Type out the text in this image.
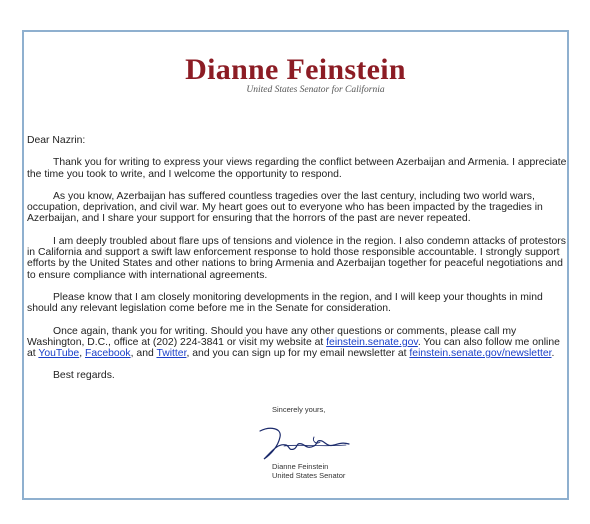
Dianne Feinstein
United States Senator for California

Dear Nazrin:

Thank you for writing to express your views regarding the conflict between Azerbaijan and Armenia. I appreciate the time you took to write, and I welcome the opportunity to respond.

As you know, Azerbaijan has suffered countless tragedies over the last century, including two world wars, occupation, deprivation, and civil war. My heart goes out to everyone who has been impacted by the tragedies in Azerbaijan, and I share your support for ensuring that the horrors of the past are never repeated.

I am deeply troubled about flare ups of tensions and violence in the region. I also condemn attacks of protestors in California and support a swift law enforcement response to hold those responsible accountable. I strongly support efforts by the United States and other nations to bring Armenia and Azerbaijan together for peaceful negotiations and to ensure compliance with international agreements.

Please know that I am closely monitoring developments in the region, and I will keep your thoughts in mind should any relevant legislation come before me in the Senate for consideration.

Once again, thank you for writing. Should you have any other questions or comments, please call my Washington, D.C., office at (202) 224-3841 or visit my website at feinstein.senate.gov. You can also follow me online at YouTube, Facebook, and Twitter, and you can sign up for my email newsletter at feinstein.senate.gov/newsletter.

Best regards.

Sincerely yours,
Dianne Feinstein
United States Senator
